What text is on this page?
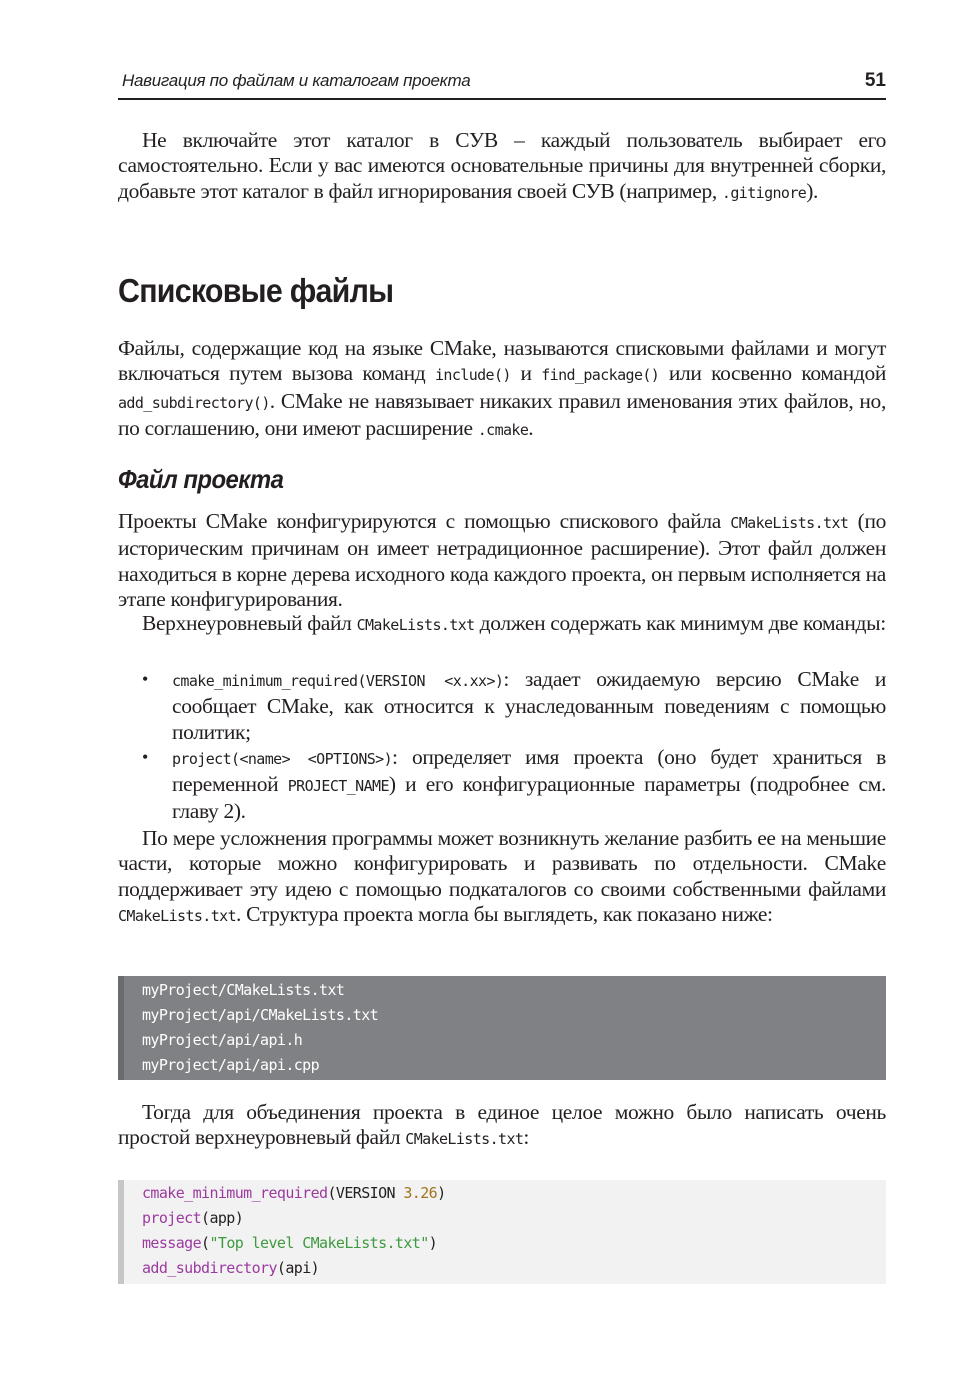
Навигация по файлам и каталогам проекта	51

Не включайте этот каталог в СУВ – каждый пользователь выбирает его самостоятельно. Если у вас имеются основательные причины для внутренней сборки, добавьте этот каталог в файл игнорирования своей СУВ (например, .gitignore).

Списковые файлы

Файлы, содержащие код на языке CMake, называются списковыми файлами и могут включаться путем вызова команд include() и find_package() или косвенно командой add_subdirectory(). CMake не навязывает никаких правил именования этих файлов, но, по соглашению, они имеют расширение .cmake.

Файл проекта

Проекты CMake конфигурируются с помощью спискового файла CMakeLists.txt (по историческим причинам он имеет нетрадиционное расширение). Этот файл должен находиться в корне дерева исходного кода каждого проекта, он первым исполняется на этапе конфигурирования.

Верхнеуровневый файл CMakeLists.txt должен содержать как минимум две команды:

• cmake_minimum_required(VERSION <x.xx>): задает ожидаемую версию CMake и сообщает CMake, как относится к унаследованным поведениям с помощью политик;
• project(<name> <OPTIONS>): определяет имя проекта (оно будет храниться в переменной PROJECT_NAME) и его конфигурационные параметры (подробнее см. главу 2).

По мере усложнения программы может возникнуть желание разбить ее на меньшие части, которые можно конфигурировать и развивать по отдельности. CMake поддерживает эту идею с помощью подкаталогов со своими собственными файлами CMakeLists.txt. Структура проекта могла бы выглядеть, как показано ниже:

myProject/CMakeLists.txt
myProject/api/CMakeLists.txt
myProject/api/api.h
myProject/api/api.cpp

Тогда для объединения проекта в единое целое можно было написать очень простой верхнеуровневый файл CMakeLists.txt:

cmake_minimum_required(VERSION 3.26)
project(app)
message("Top level CMakeLists.txt")
add_subdirectory(api)
